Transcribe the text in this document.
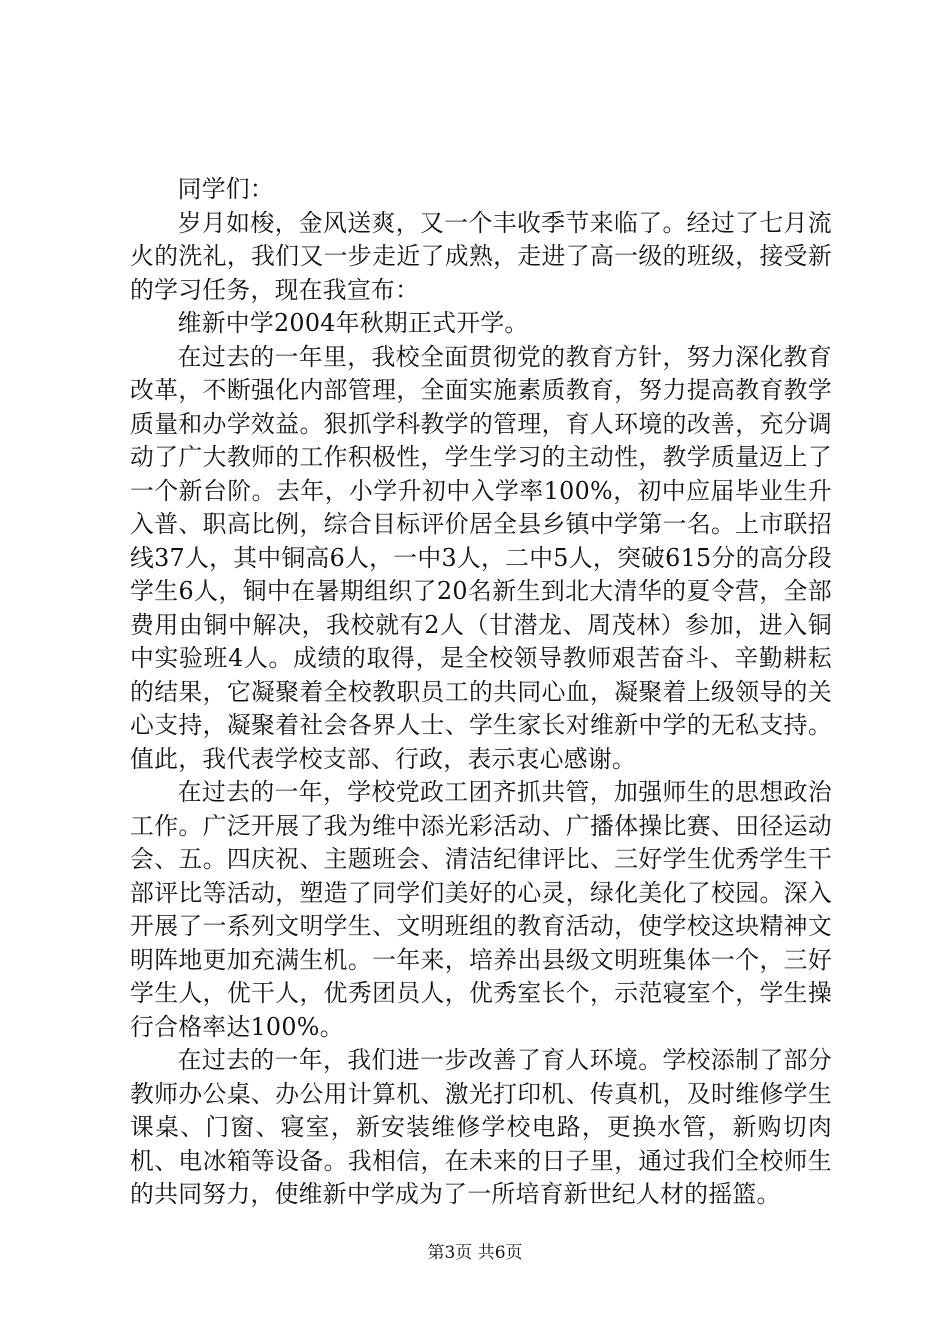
同学们：

岁月如梭，金风送爽，又一个丰收季节来临了。经过了七月流火的洗礼，我们又一步走近了成熟，走进了高一级的班级，接受新的学习任务，现在我宣布：

维新中学2004年秋期正式开学。

在过去的一年里，我校全面贯彻党的教育方针，努力深化教育改革，不断强化内部管理，全面实施素质教育，努力提高教育教学质量和办学效益。狠抓学科教学的管理，育人环境的改善，充分调动了广大教师的工作积极性，学生学习的主动性，教学质量迈上了一个新台阶。去年，小学升初中入学率100%，初中应届毕业生升入普、职高比例，综合目标评价居全县乡镇中学第一名。上市联招线37人，其中铜高6人，一中3人，二中5人，突破615分的高分段学生6人，铜中在暑期组织了20名新生到北大清华的夏令营，全部费用由铜中解决，我校就有2人（甘潜龙、周茂林）参加，进入铜中实验班4人。成绩的取得，是全校领导教师艰苦奋斗、辛勤耕耘的结果，它凝聚着全校教职员工的共同心血，凝聚着上级领导的关心支持，凝聚着社会各界人士、学生家长对维新中学的无私支持。值此，我代表学校支部、行政，表示衷心感谢。

在过去的一年，学校党政工团齐抓共管，加强师生的思想政治工作。广泛开展了我为维中添光彩活动、广播体操比赛、田径运动会、五。四庆祝、主题班会、清洁纪律评比、三好学生优秀学生干部评比等活动，塑造了同学们美好的心灵，绿化美化了校园。深入开展了一系列文明学生、文明班组的教育活动，使学校这块精神文明阵地更加充满生机。一年来，培养出县级文明班集体一个，三好学生人，优干人，优秀团员人，优秀室长个，示范寝室个，学生操行合格率达100%。

在过去的一年，我们进一步改善了育人环境。学校添制了部分教师办公桌、办公用计算机、激光打印机、传真机，及时维修学生课桌、门窗、寝室，新安装维修学校电路，更换水管，新购切肉机、电冰箱等设备。我相信，在未来的日子里，通过我们全校师生的共同努力，使维新中学成为了一所培育新世纪人材的摇篮。

第3页 共6页
